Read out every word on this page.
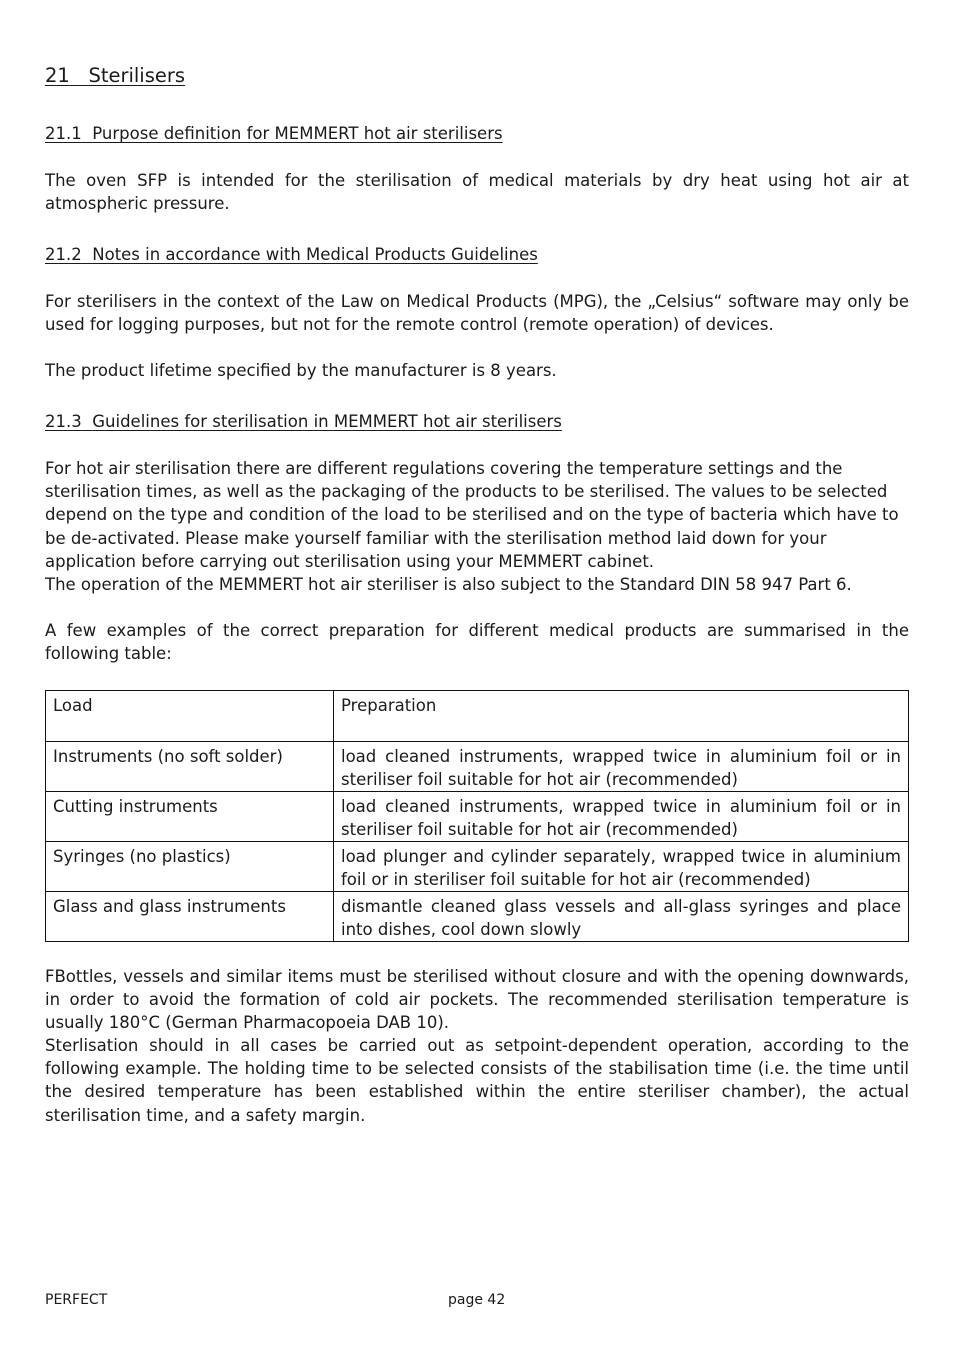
21 Sterilisers
21.1 Purpose definition for MEMMERT hot air sterilisers

The oven SFP is intended for the sterilisation of medical materials by dry heat using hot air at atmospheric pressure.

21.2 Notes in accordance with Medical Products Guidelines

For sterilisers in the context of the Law on Medical Products (MPG), the „Celsius“ software may only be used for logging purposes, but not for the remote control (remote operation) of devices.

The product lifetime specified by the manufacturer is 8 years.

21.3 Guidelines for sterilisation in MEMMERT hot air sterilisers

For hot air sterilisation there are different regulations covering the temperature settings and the sterilisation times, as well as the packaging of the products to be sterilised. The values to be selected depend on the type and condition of the load to be sterilised and on the type of bacteria which have to be de-activated. Please make yourself familiar with the sterilisation method laid down for your application before carrying out sterilisation using your MEMMERT cabinet.

The operation of the MEMMERT hot air steriliser is also subject to the Standard DIN 58 947 Part 6.

A few examples of the correct preparation for different medical products are summarised in the following table:

Load	Preparation
Instruments (no soft solder)	load cleaned instruments, wrapped twice in aluminium foil or in steriliser foil suitable for hot air (recommended)
Cutting instruments	load cleaned instruments, wrapped twice in aluminium foil or in steriliser foil suitable for hot air (recommended)
Syringes (no plastics)	load plunger and cylinder separately, wrapped twice in aluminium foil or in steriliser foil suitable for hot air (recommended)
Glass and glass instruments	dismantle cleaned glass vessels and all-glass syringes and place into dishes, cool down slowly

FBottles, vessels and similar items must be sterilised without closure and with the opening downwards, in order to avoid the formation of cold air pockets. The recommended sterilisation temperature is usually 180°C (German Pharmacopoeia DAB 10).

Sterlisation should in all cases be carried out as setpoint-dependent operation, according to the following example. The holding time to be selected consists of the stabilisation time (i.e. the time until the desired temperature has been established within the entire steriliser chamber), the actual sterilisation time, and a safety margin.

PERFECT	page 42
